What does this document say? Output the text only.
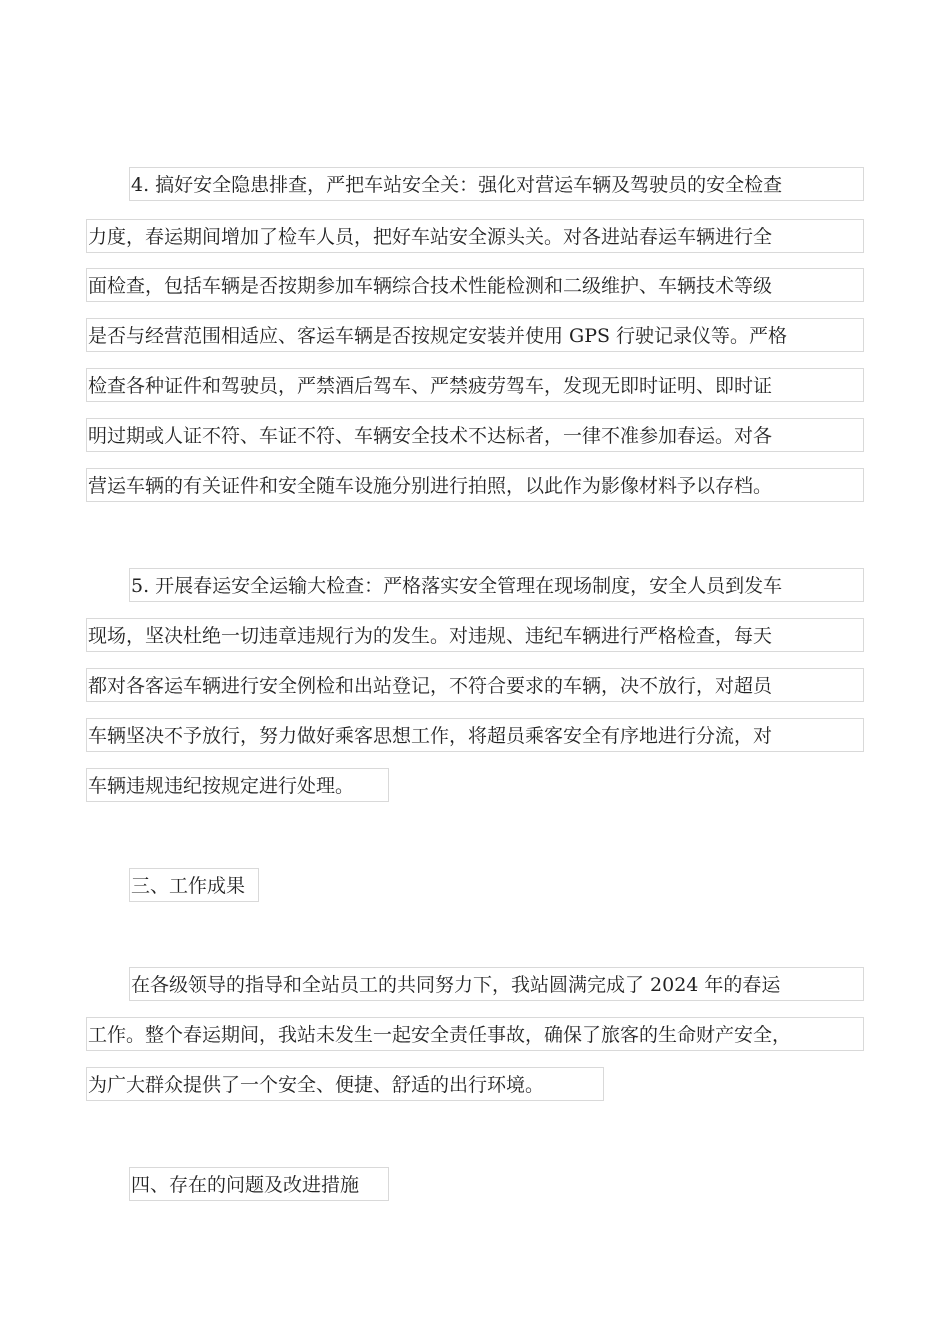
4. 搞好安全隐患排查，严把车站安全关：强化对营运车辆及驾驶员的安全检查
力度，春运期间增加了检车人员，把好车站安全源头关。对各进站春运车辆进行全
面检查，包括车辆是否按期参加车辆综合技术性能检测和二级维护、车辆技术等级
是否与经营范围相适应、客运车辆是否按规定安装并使用 GPS 行驶记录仪等。严格
检查各种证件和驾驶员，严禁酒后驾车、严禁疲劳驾车，发现无即时证明、即时证
明过期或人证不符、车证不符、车辆安全技术不达标者，一律不准参加春运。对各
营运车辆的有关证件和安全随车设施分别进行拍照，以此作为影像材料予以存档。
5. 开展春运安全运输大检查：严格落实安全管理在现场制度，安全人员到发车
现场，坚决杜绝一切违章违规行为的发生。对违规、违纪车辆进行严格检查，每天
都对各客运车辆进行安全例检和出站登记，不符合要求的车辆，决不放行，对超员
车辆坚决不予放行，努力做好乘客思想工作，将超员乘客安全有序地进行分流，对
车辆违规违纪按规定进行处理。
三、工作成果
在各级领导的指导和全站员工的共同努力下，我站圆满完成了 2024 年的春运
工作。整个春运期间，我站未发生一起安全责任事故，确保了旅客的生命财产安全，
为广大群众提供了一个安全、便捷、舒适的出行环境。
四、存在的问题及改进措施
